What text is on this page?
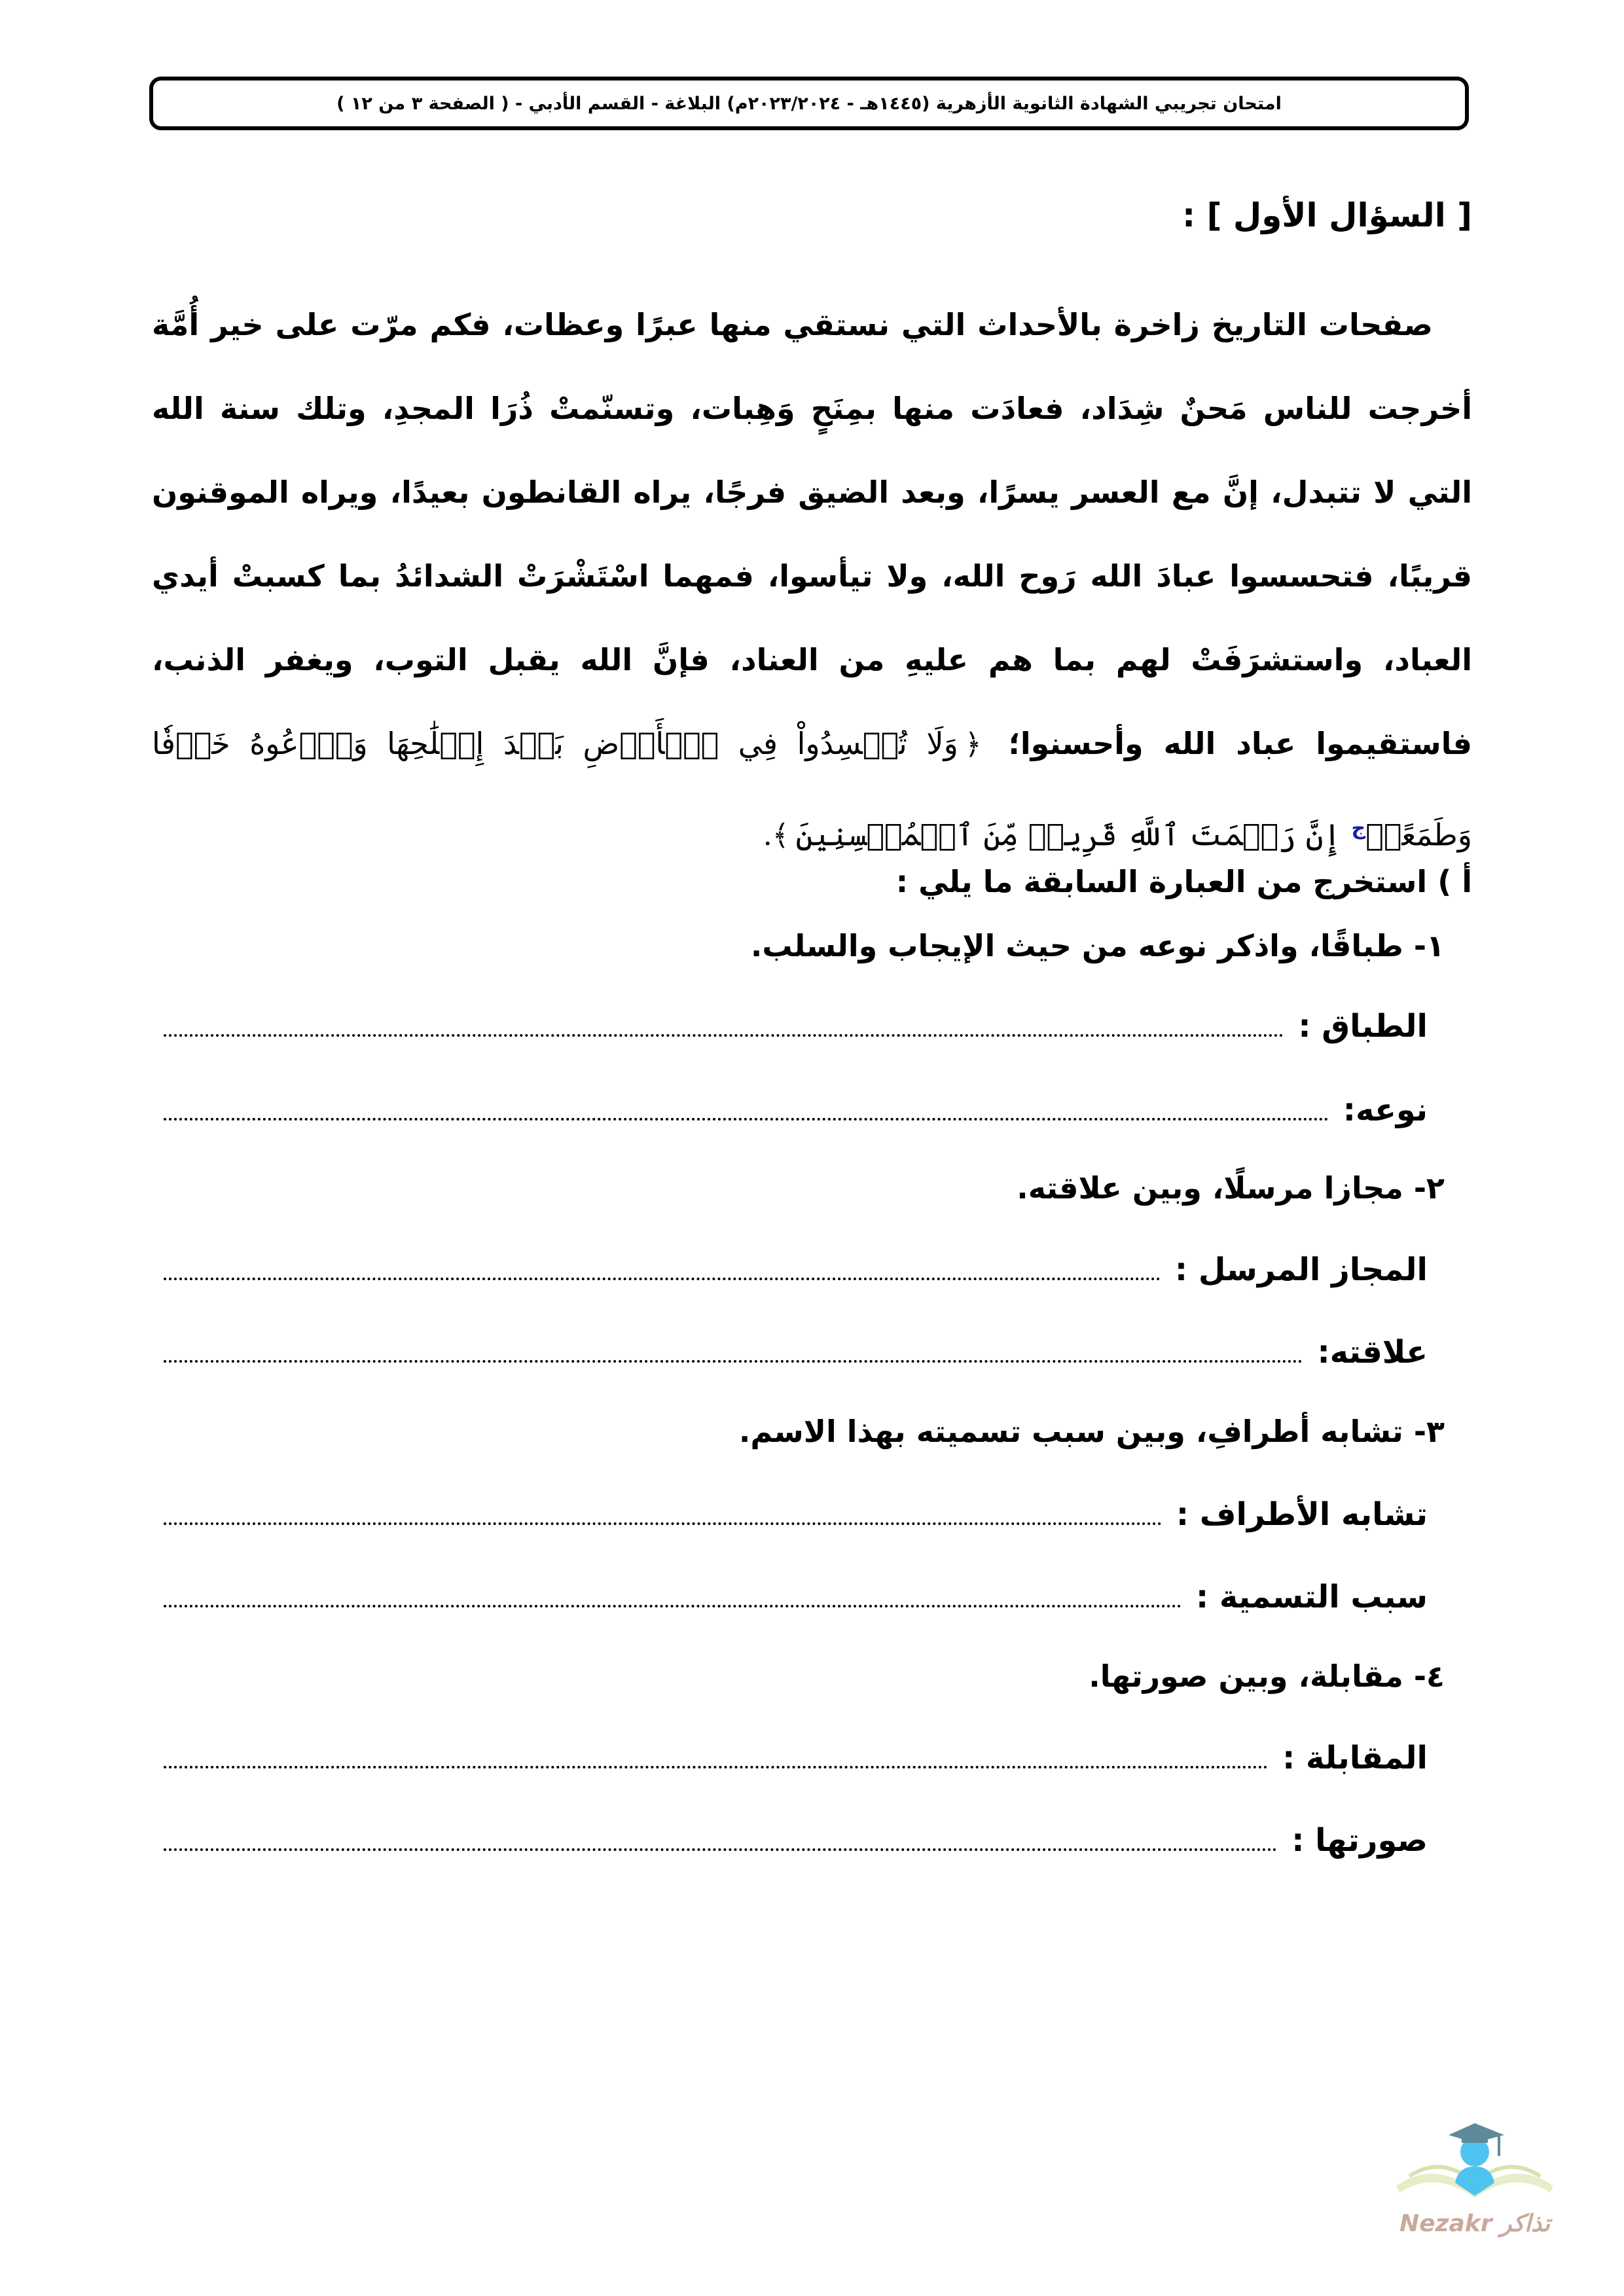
امتحان تجريبي الشهادة الثانوية الأزهرية (١٤٤٥هـ - ٢٠٢٣/٢٠٢٤م) البلاغة - القسم الأدبي - ( الصفحة ٣ من ١٢ )
[ السؤال الأول ] :
صفحات التاريخ زاخرة بالأحداث التي نستقي منها عبرًا وعظات، فكم مرّت على خير أُمَّة أخرجت للناس مَحنٌ شِدَاد، فعادَت منها بمِنَحٍ وَهِبات، وتسنّمتْ ذُرَا المجدِ، وتلك سنة الله التي لا تتبدل، إنَّ مع العسر يسرًا، وبعد الضيق فرجًا، يراه القانطون بعيدًا، ويراه الموقنون قريبًا، فتحسسوا عبادَ الله رَوح الله، ولا تيأسوا، فمهما اسْتَشْرَتْ الشدائدُ بما كسبتْ أيدي العباد، واستشرَفَتْ لهم بما هم عليهِ من العناد، فإنَّ الله يقبل التوب، ويغفر الذنب، فاستقيموا عباد الله وأحسنوا؛ ﴿وَلَا تُفۡسِدُواْ فِي ٱلۡأَرۡضِ بَعۡدَ إِصۡلَٰحِهَا وَٱدۡعُوهُ خَوۡفٗا وَطَمَعًاۚ$^ج$ إِنَّ رَحۡمَتَ ٱللَّهِ قَرِيبٞ مِّنَ ٱلۡمُحۡسِنِينَ﴾.
أ ) استخرج من العبارة السابقة ما يلي :
١- طباقًا، واذكر نوعه من حيث الإيجاب والسلب.
الطباق :
نوعه:
٢- مجازا مرسلًا، وبين علاقته.
المجاز المرسل :
علاقته:
٣- تشابه أطرافِ، وبين سبب تسميته بهذا الاسم.
تشابه الأطراف :
سبب التسمية :
٤- مقابلة، وبين صورتها.
المقابلة :
صورتها :
Nezakr تذاكر
